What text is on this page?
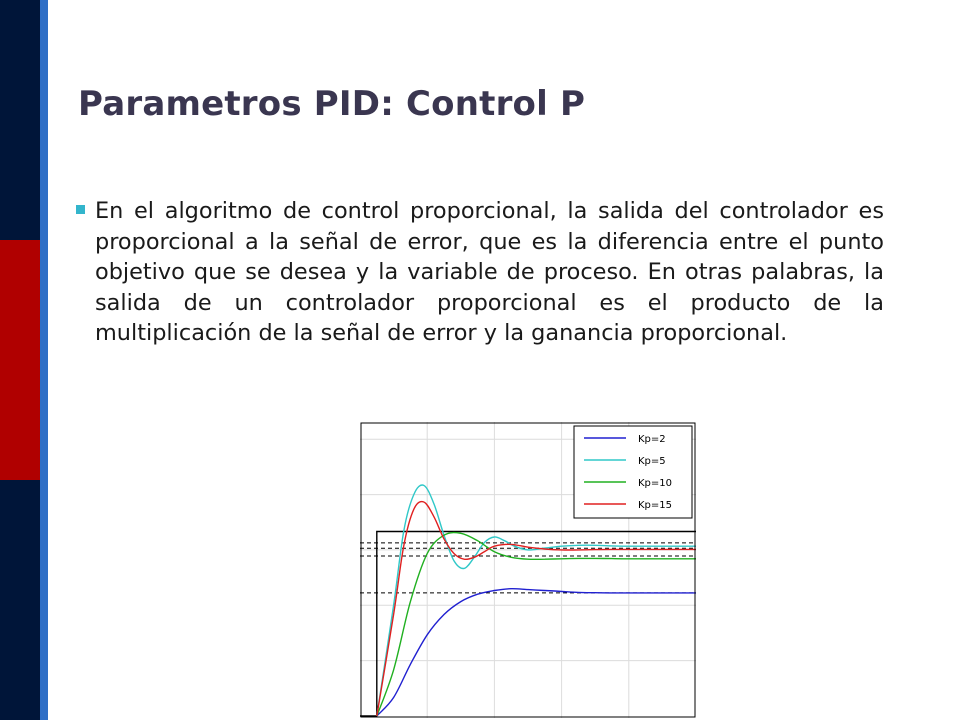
Parametros PID: Control P

En el algoritmo de control proporcional, la salida del controlador es proporcional a la señal de error, que es la diferencia entre el punto objetivo que se desea y la variable de proceso. En otras palabras, la salida de un controlador proporcional es el producto de la multiplicación de la señal de error y la ganancia proporcional.

Kp=2
Kp=5
Kp=10
Kp=15
